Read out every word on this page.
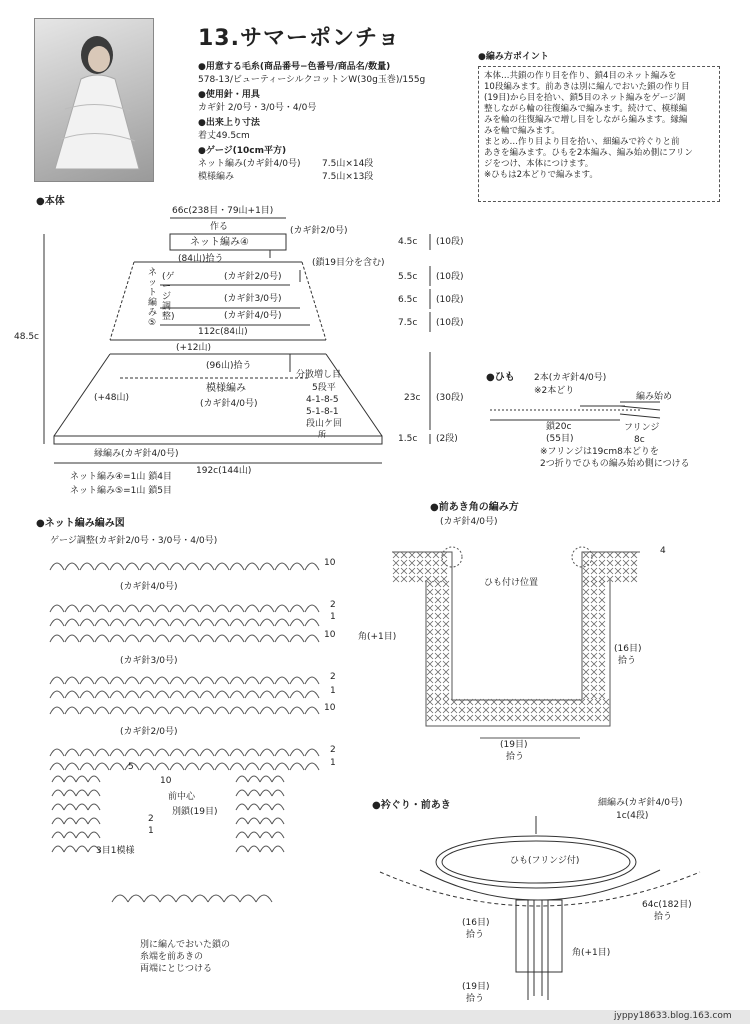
13.サマーポンチョ
●用意する毛糸(商品番号−色番号/商品名/数量)
578-13/ビューティーシルクコットンW(30g玉巻)/155g
●使用針・用具
カギ針 2/0号・3/0号・4/0号
●出来上り寸法
着丈49.5cm
●ゲージ(10cm平方)
ネット編み(カギ針4/0号) 7.5山×14段
模様編み	7.5山×13段
●編み方ポイント
本体…共鎖の作り目を作り、鎖4目のネット編みを
10段編みます。前あきは別に編んでおいた鎖の作り目
(19目)から目を拾い、鎖5目のネット編みをゲージ調
整しながら輪の往復編みで編みます。続けて、模様編
みを輪の往復編みで増し目をしながら編みます。縁編
みを輪で編みます。
まとめ…作り目より目を拾い、細編みで衿ぐりと前
あきを編みます。ひもを2本編み、編み始め側にフリン
ジをつけ、本体につけます。
※ひもは2本どりで編みます。
●本体
66c(238目・79山+1目)
作る
ネット編み④
(カギ針2/0号)
(84山)拾う	(鎖19目分を含む)
ネット編み⑤
(ゲージ調整)
(カギ針2/0号)
(カギ針3/0号)
(カギ針4/0号)
112c(84山)
(+12山)
(96山)拾う
模様編み
(カギ針4/0号)
分散増し目
5段平
4-1-8-5
5-1-8-1
段山ケ回
所
(+48山)
縁編み(カギ針4/0号)
192c(144山)
48.5c
ネット編み④=1山 鎖4目
ネット編み⑤=1山 鎖5目
4.5c (10段)
5.5c (10段)
6.5c (10段)
7.5c (10段)
23c (30段)
1.5c (2段)
●ひも 2本(カギ針4/0号)
※2本どり
編み始め
フリンジ
8c
鎖20c
(55目)
※フリンジは19cm8本どりを
2つ折りでひもの編み始め側につける
●ネット編み編み図
ゲージ調整(カギ針2/0号・3/0号・4/0号)
(カギ針4/0号)
(カギ針3/0号)
(カギ針2/0号)
前中心
別鎖(19目)
3目1模様
別に編んでおいた鎖の
糸端を前あきの
両端にとじつける
10
2
1
10
2
1
10
2
1
5
10
2
1
●前あき角の編み方
(カギ針4/0号)
ひも付け位置
角(+1目)
(16目)
拾う
(19目)
拾う
4
●衿ぐり・前あき	細編み(カギ針4/0号)
1c(4段)
ひも(フリンジ付)
64c(182目)
拾う
(16目)
拾う
角(+1目)
(19目)
拾う
jyppy18633.blog.163.com
